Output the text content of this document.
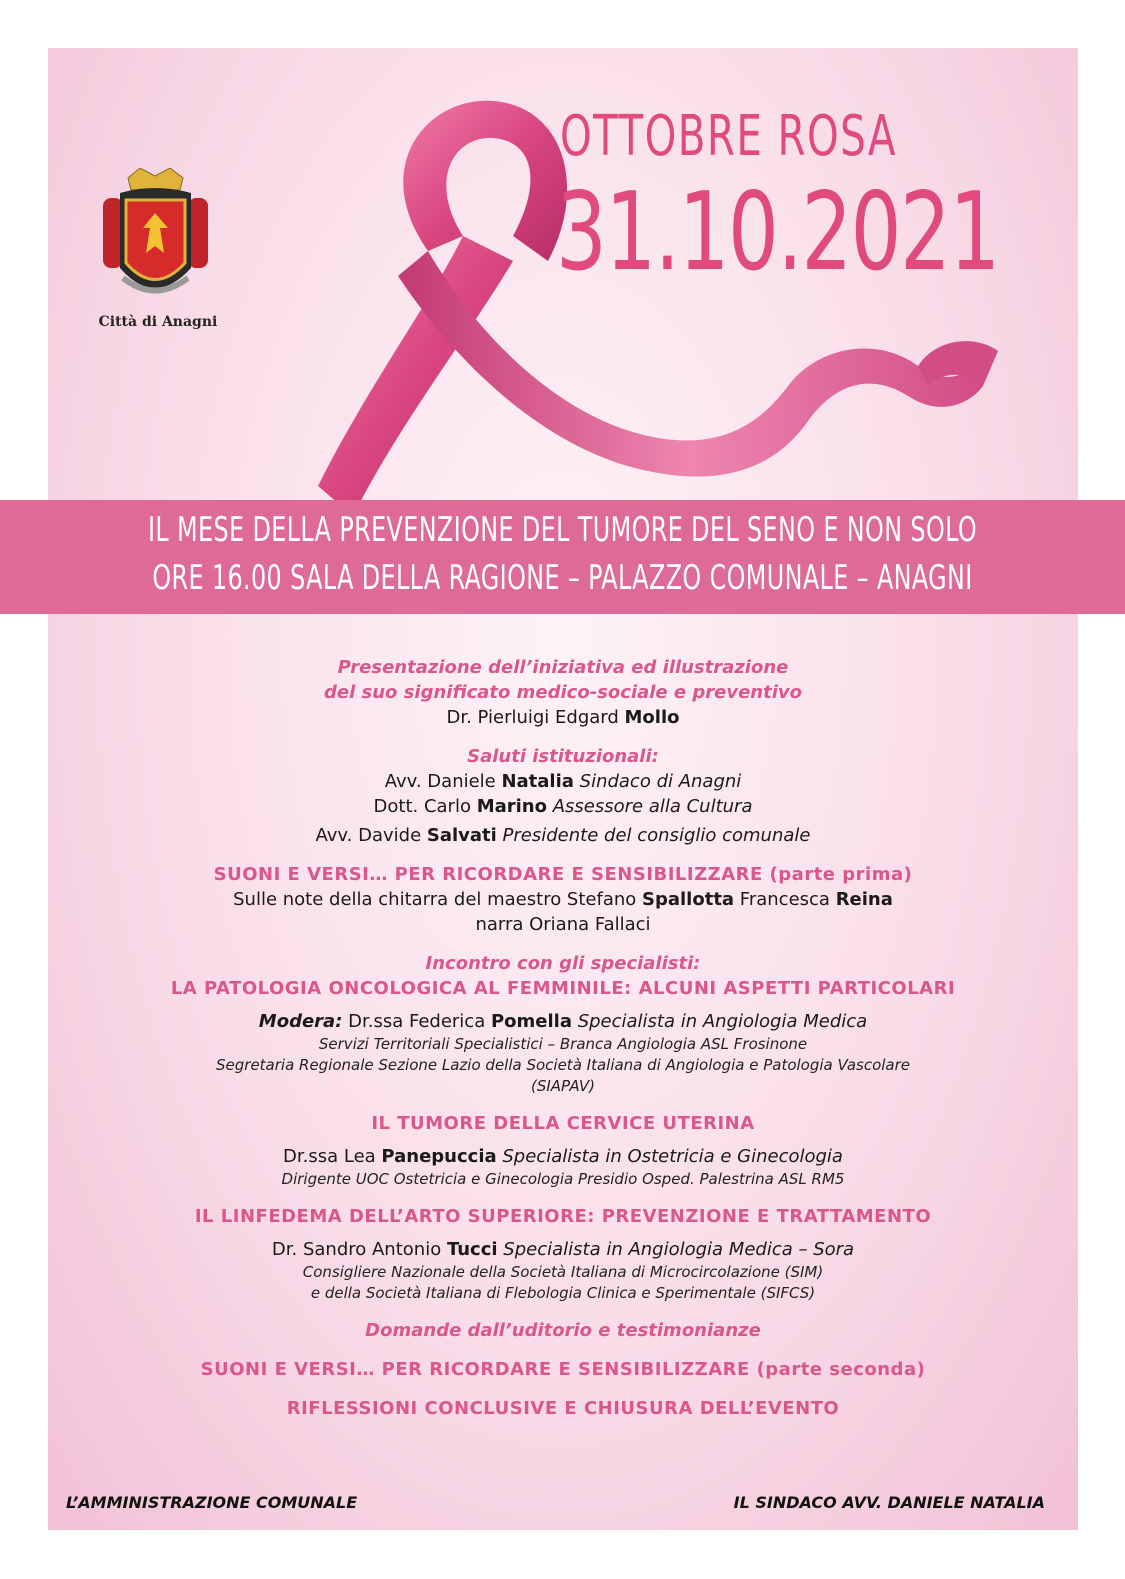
Città di Anagni
OTTOBRE ROSA
31.10.2021
IL MESE DELLA PREVENZIONE DEL TUMORE DEL SENO E NON SOLO
ORE 16.00 SALA DELLA RAGIONE – PALAZZO COMUNALE – ANAGNI

Presentazione dell’iniziativa ed illustrazione

del suo significato medico-sociale e preventivo

Dr. Pierluigi Edgard Mollo

Saluti istituzionali:

Avv. Daniele Natalia Sindaco di Anagni

Dott. Carlo Marino Assessore alla Cultura

Avv. Davide Salvati Presidente del consiglio comunale

SUONI E VERSI… PER RICORDARE E SENSIBILIZZARE (parte prima)

Sulle note della chitarra del maestro Stefano Spallotta Francesca Reina

narra Oriana Fallaci

Incontro con gli specialisti:

LA PATOLOGIA ONCOLOGICA AL FEMMINILE: ALCUNI ASPETTI PARTICOLARI

Modera: Dr.ssa Federica Pomella Specialista in Angiologia Medica

Servizi Territoriali Specialistici – Branca Angiologia ASL Frosinone

Segretaria Regionale Sezione Lazio della Società Italiana di Angiologia e Patologia Vascolare

(SIAPAV)

IL TUMORE DELLA CERVICE UTERINA

Dr.ssa Lea Panepuccia Specialista in Ostetricia e Ginecologia

Dirigente UOC Ostetricia e Ginecologia Presidio Osped. Palestrina ASL RM5

IL LINFEDEMA DELL’ARTO SUPERIORE: PREVENZIONE E TRATTAMENTO

Dr. Sandro Antonio Tucci Specialista in Angiologia Medica – Sora

Consigliere Nazionale della Società Italiana di Microcircolazione (SIM)

e della Società Italiana di Flebologia Clinica e Sperimentale (SIFCS)

Domande dall’uditorio e testimonianze

SUONI E VERSI… PER RICORDARE E SENSIBILIZZARE (parte seconda)

RIFLESSIONI CONCLUSIVE E CHIUSURA DELL’EVENTO

L’AMMINISTRAZIONE COMUNALE	IL SINDACO AVV. DANIELE NATALIA
